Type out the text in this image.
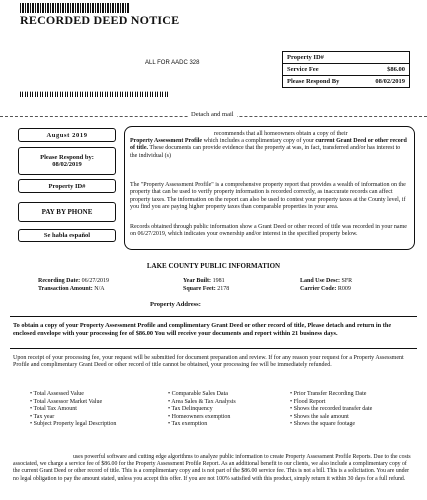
RECORDED DEED NOTICE
ALL FOR AADC 328
Property ID#
Service Fee	$86.00
Please Respond By	08/02/2019
Detach and mail
August 2019
Please Respond by:
08/02/2019
Property ID#
PAY BY PHONE
Se habla español
recommends that all homeowners obtain a copy of their
Property Assessment Profile which includes a complimentary copy of your current Grant Deed or other record of title. These documents can provide evidence that the property at was, in fact, transferred and/or has interest to the individual (s)
The "Property Assessment Profile" is a comprehensive property report that provides a wealth of information on the property that can be used to verify property information is recorded correctly, as inaccurate records can affect property taxes. The information on the report can also be used to contest your property taxes at the County level, if you find you are paying higher property taxes than comparable properties in your area.
Records obtained through public information show a Grant Deed or other record of title was recorded in your name on 06/27/2019, which indicates your ownership and/or interest in the specified property below.
LAKE COUNTY PUBLIC INFORMATION
Recording Date: 06/27/2019
Transaction Amount: N/A
Year Built: 1981
Square Feet: 2178
Land Use Desc: SFR
Carrier Code: R009
Property Address:
To obtain a copy of your Property Assessment Profile and complimentary Grant Deed or other record of title, Please detach and return in the enclosed envelope with your processing fee of $86.00 You will receive your documents and report within 21 business days.
Upon receipt of your processing fee, your request will be submitted for document preparation and review. If for any reason your request for a Property Assessment Profile and complimentary Grant Deed or other record of title cannot be obtained, your processing fee will be immediately refunded.
• Total Assessed Value
• Total Assessor Market Value
• Total Tax Amount
• Tax year
• Subject Property legal Description
• Comparable Sales Data
• Area Sales & Tax Analysis
• Tax Delinquency
• Homeowners exemption
• Tax exemption
• Prior Transfer Recording Date
• Flood Report
• Shows the recorded transfer date
• Shows the sale amount
• Shows the square footage
uses powerful software and cutting edge algorithms to analyze public information to create Property Assessment Profile Reports. Due to the costs associated, we charge a service fee of $86.00 for the Property Assessment Profile Report. As an additional benefit to our clients, we also include a complimentary copy of the current Grant Deed or other record of title. This is a complimentary copy and is not part of the $86.00 service fee. This is not a bill. This is a solicitation. You are under no legal obligation to pay the amount stated, unless you accept this offer. If you are not 100% satisfied with this product, simply return it within 30 days for a full refund.
